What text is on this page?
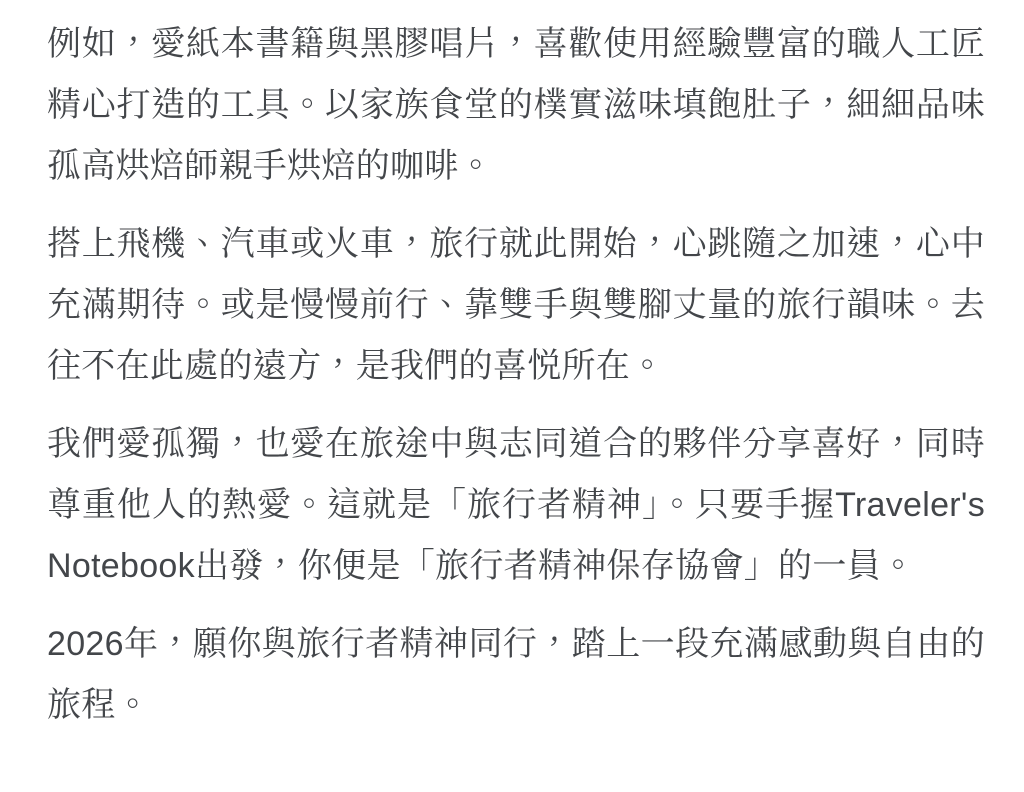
例如，愛紙本書籍與黑膠唱片，喜歡使用經驗豐富的職人工匠
精心打造的工具。以家族食堂的樸實滋味填飽肚子，細細品味
孤高烘焙師親手烘焙的咖啡。
搭上飛機、汽車或火車，旅行就此開始，心跳隨之加速，心中
充滿期待。或是慢慢前行、靠雙手與雙腳丈量的旅行韻味。去
往不在此處的遠方，是我們的喜悦所在。
我們愛孤獨，也愛在旅途中與志同道合的夥伴分享喜好，同時
尊重他人的熱愛。這就是「旅行者精神」。只要手握Traveler's
Notebook出發，你便是「旅行者精神保存協會」的一員。
2026年，願你與旅行者精神同行，踏上一段充滿感動與自由的
旅程。
